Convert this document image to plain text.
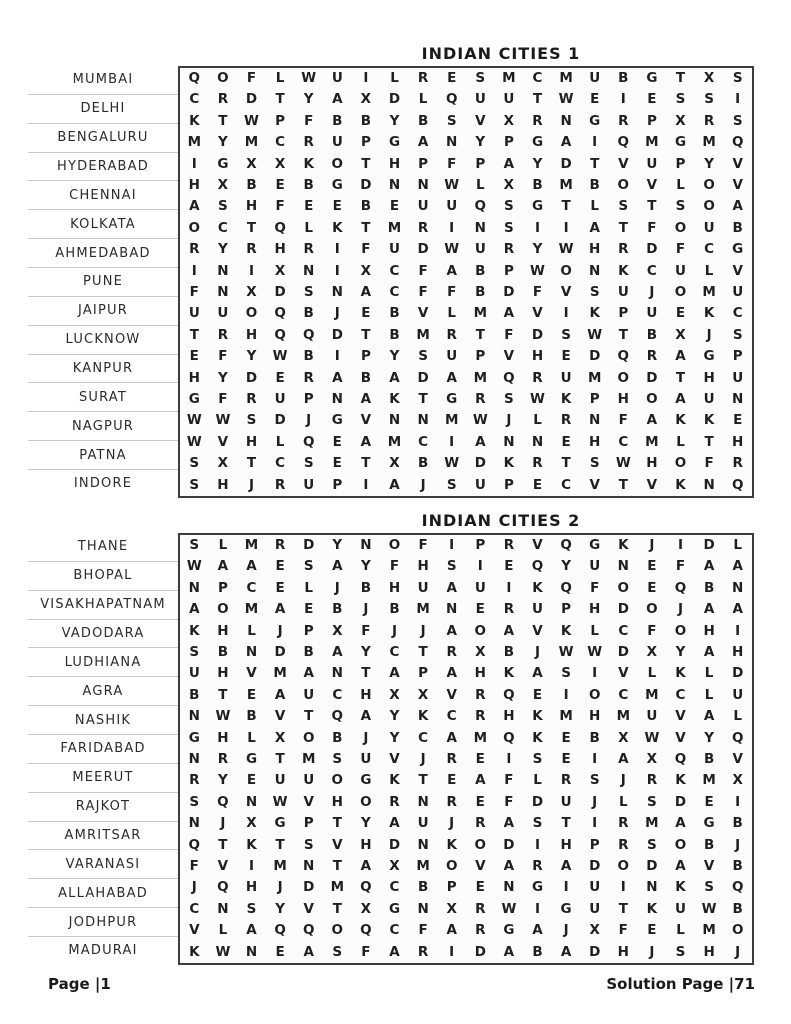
MUMBAI
DELHI
BENGALURU
HYDERABAD
CHENNAI
KOLKATA
AHMEDABAD
PUNE
JAIPUR
LUCKNOW
KANPUR
SURAT
NAGPUR
PATNA
INDORE
INDIAN CITIES 1
Q	O	F	L	W	U	I	L	R	E	S	M	C	M	U	B	G	T	X	S
C	R	D	T	Y	A	X	D	L	Q	U	U	T	W	E	I	E	S	S	I
K	T	W	P	F	B	B	Y	B	S	V	X	R	N	G	R	P	X	R	S
M	Y	M	C	R	U	P	G	A	N	Y	P	G	A	I	Q	M	G	M	Q
I	G	X	X	K	O	T	H	P	F	P	A	Y	D	T	V	U	P	Y	V
H	X	B	E	B	G	D	N	N	W	L	X	B	M	B	O	V	L	O	V
A	S	H	F	E	E	B	E	U	U	Q	S	G	T	L	S	T	S	O	A
O	C	T	Q	L	K	T	M	R	I	N	S	I	I	A	T	F	O	U	B
R	Y	R	H	R	I	F	U	D	W	U	R	Y	W	H	R	D	F	C	G
I	N	I	X	N	I	X	C	F	A	B	P	W	O	N	K	C	U	L	V
F	N	X	D	S	N	A	C	F	F	B	D	F	V	S	U	J	O	M	U
U	U	O	Q	B	J	E	B	V	L	M	A	V	I	K	P	U	E	K	C
T	R	H	Q	Q	D	T	B	M	R	T	F	D	S	W	T	B	X	J	S
E	F	Y	W	B	I	P	Y	S	U	P	V	H	E	D	Q	R	A	G	P
H	Y	D	E	R	A	B	A	D	A	M	Q	R	U	M	O	D	T	H	U
G	F	R	U	P	N	A	K	T	G	R	S	W	K	P	H	O	A	U	N
W	W	S	D	J	G	V	N	N	M	W	J	L	R	N	F	A	K	K	E
W	V	H	L	Q	E	A	M	C	I	A	N	N	E	H	C	M	L	T	H
S	X	T	C	S	E	T	X	B	W	D	K	R	T	S	W	H	O	F	R
S	H	J	R	U	P	I	A	J	S	U	P	E	C	V	T	V	K	N	Q
THANE
BHOPAL
VISAKHAPATNAM
VADODARA
LUDHIANA
AGRA
NASHIK
FARIDABAD
MEERUT
RAJKOT
AMRITSAR
VARANASI
ALLAHABAD
JODHPUR
MADURAI
INDIAN CITIES 2
S	L	M	R	D	Y	N	O	F	I	P	R	V	Q	G	K	J	I	D	L
W	A	A	E	S	A	Y	F	H	S	I	E	Q	Y	U	N	E	F	A	A
N	P	C	E	L	J	B	H	U	A	U	I	K	Q	F	O	E	Q	B	N
A	O	M	A	E	B	J	B	M	N	E	R	U	P	H	D	O	J	A	A
K	H	L	J	P	X	F	J	J	A	O	A	V	K	L	C	F	O	H	I
S	B	N	D	B	A	Y	C	T	R	X	B	J	W	W	D	X	Y	A	H
U	H	V	M	A	N	T	A	P	A	H	K	A	S	I	V	L	K	L	D
B	T	E	A	U	C	H	X	X	V	R	Q	E	I	O	C	M	C	L	U
N	W	B	V	T	Q	A	Y	K	C	R	H	K	M	H	M	U	V	A	L
G	H	L	X	O	B	J	Y	C	A	M	Q	K	E	B	X	W	V	Y	Q
N	R	G	T	M	S	U	V	J	R	E	I	S	E	I	A	X	Q	B	V
R	Y	E	U	U	O	G	K	T	E	A	F	L	R	S	J	R	K	M	X
S	Q	N	W	V	H	O	R	N	R	E	F	D	U	J	L	S	D	E	I
N	J	X	G	P	T	Y	A	U	J	R	A	S	T	I	R	M	A	G	B
Q	T	K	T	S	V	H	D	N	K	O	D	I	H	P	R	S	O	B	J
F	V	I	M	N	T	A	X	M	O	V	A	R	A	D	O	D	A	V	B
J	Q	H	J	D	M	Q	C	B	P	E	N	G	I	U	I	N	K	S	Q
C	N	S	Y	V	T	X	G	N	X	R	W	I	G	U	T	K	U	W	B
V	L	A	Q	Q	O	Q	C	F	A	R	G	A	J	X	F	E	L	M	O
K	W	N	E	A	S	F	A	R	I	D	A	B	A	D	H	J	S	H	J
Page |1	Solution Page |71
